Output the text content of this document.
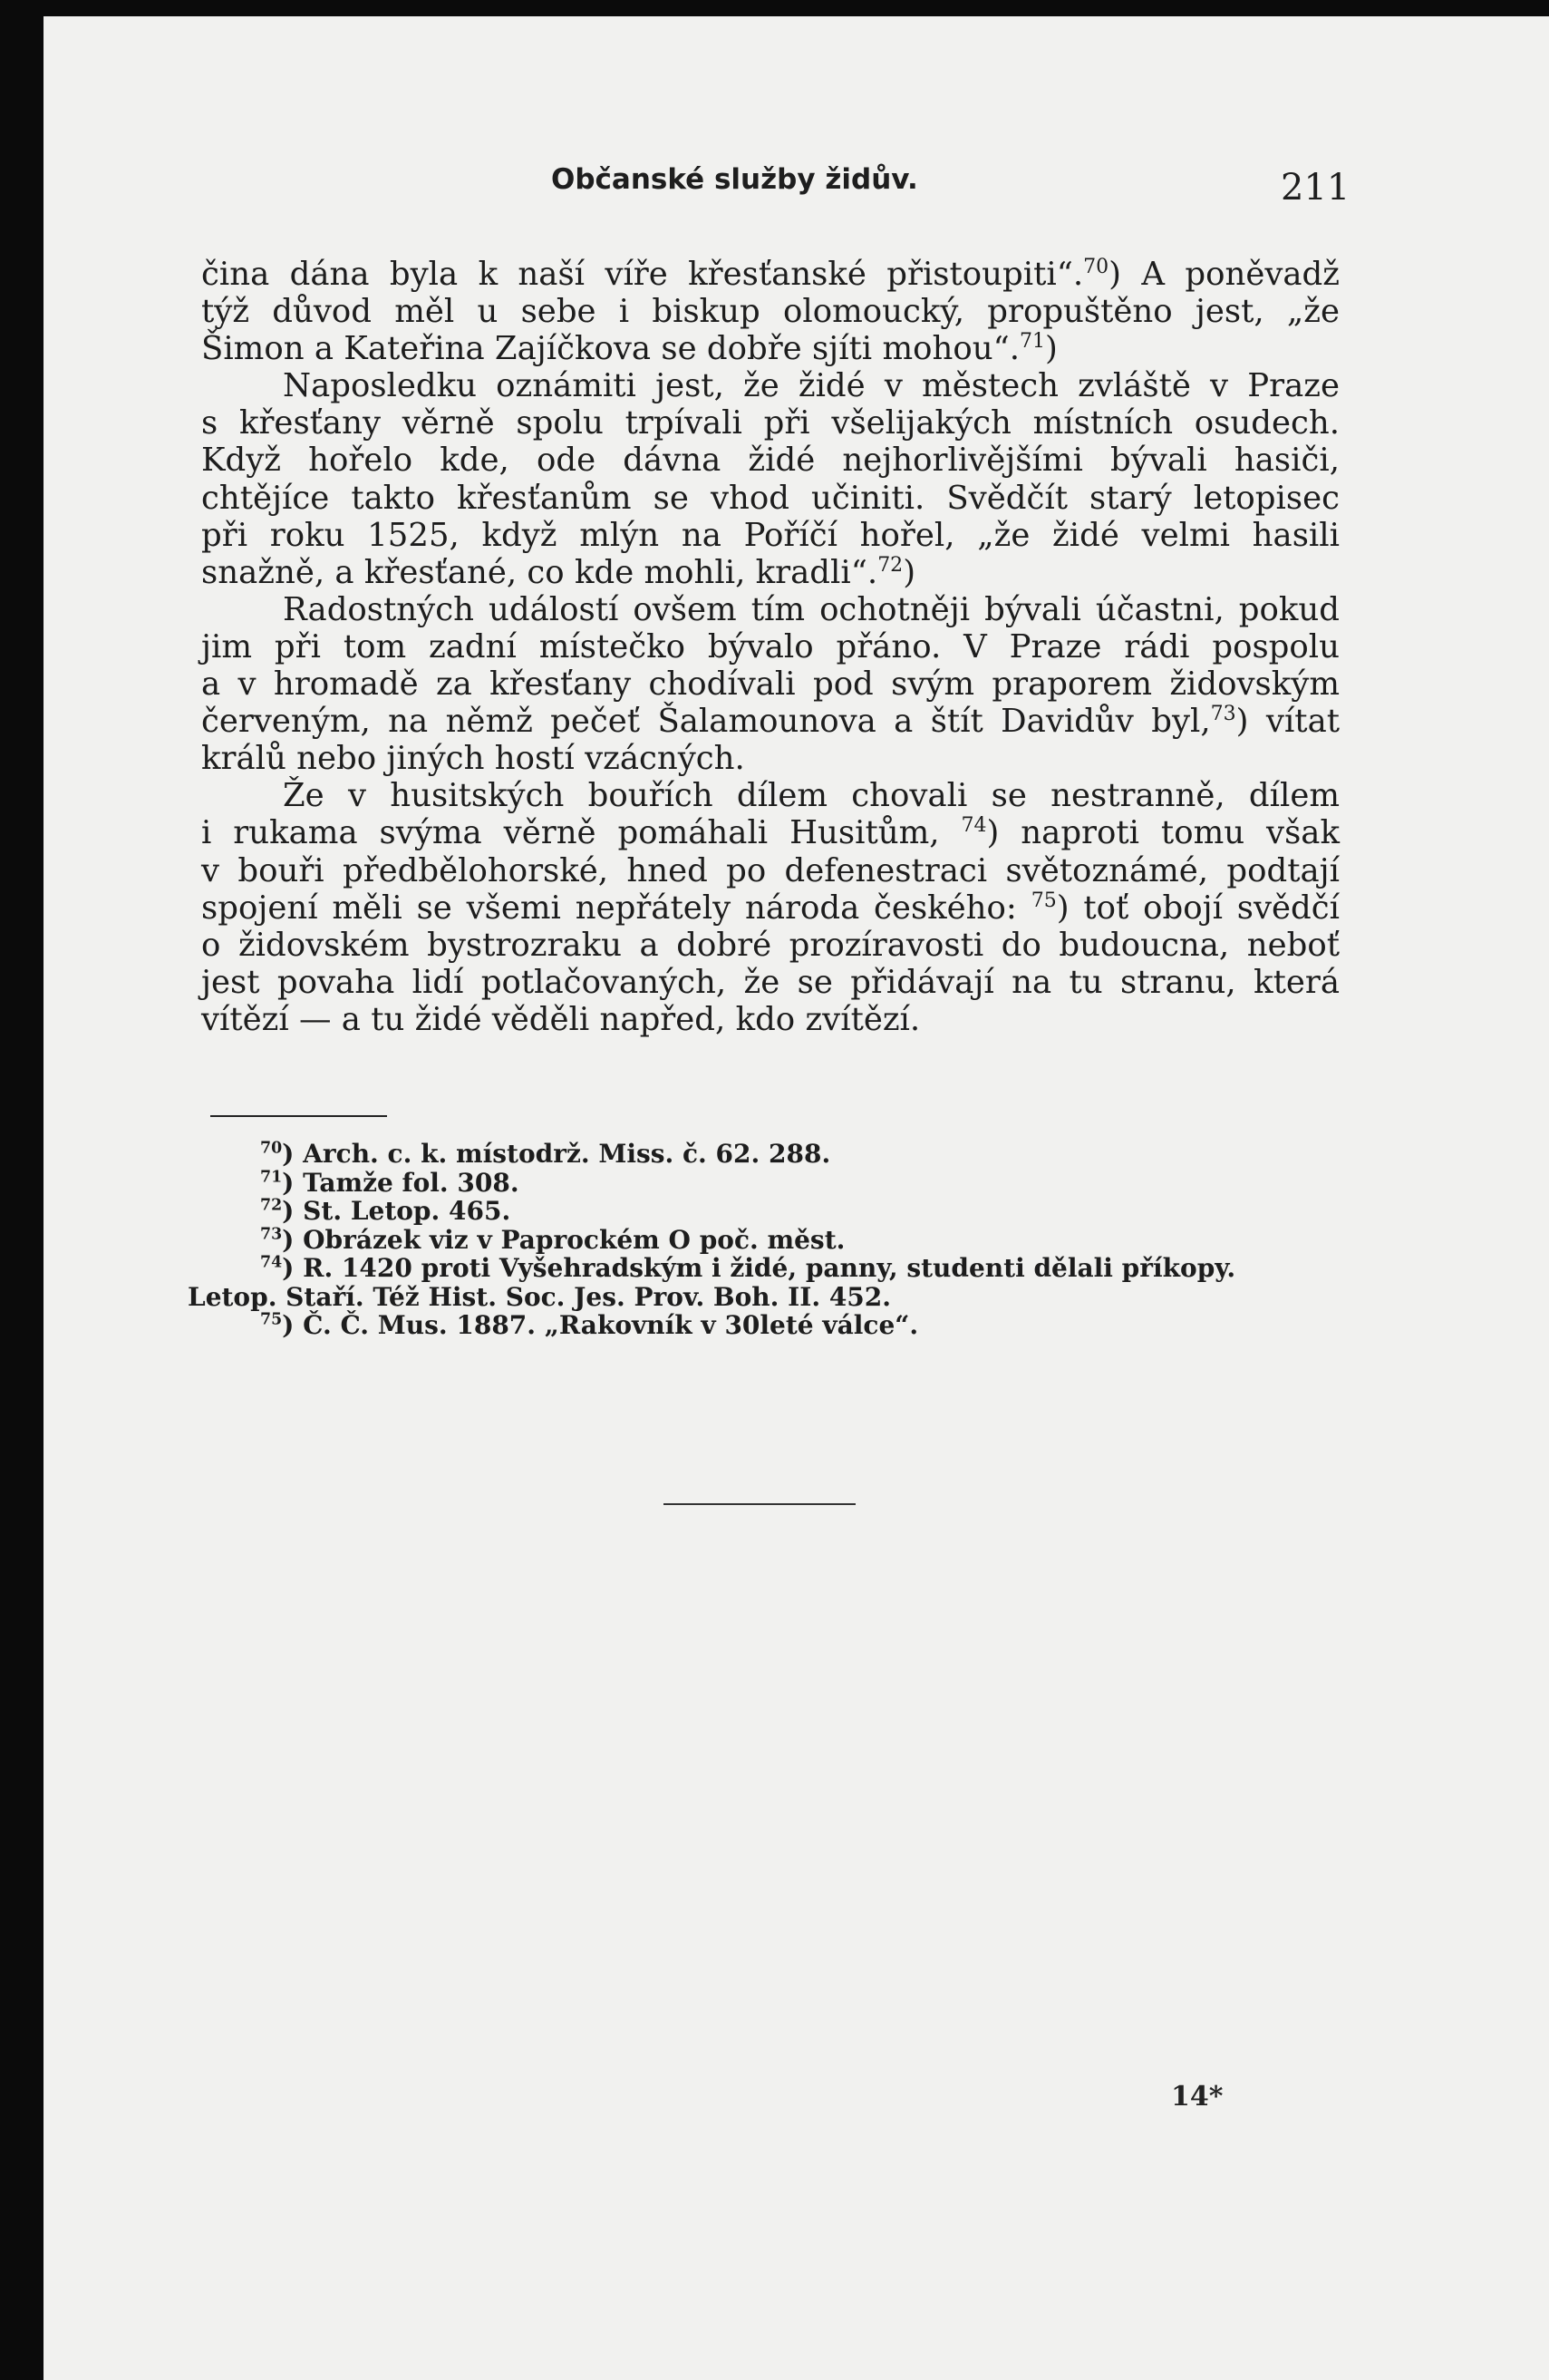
Občanské služby židův.	211
čina dána byla k naší víře křesťanské přistoupiti“.$^{70}$) A poněvadž
týž důvod měl u sebe i biskup olomoucký, propuštěno jest, „že
Šimon a Kateřina Zajíčkova se dobře sjíti mohou“.$^{71}$)
Naposledku oznámiti jest, že židé v městech zvláště v Praze
s křesťany věrně spolu trpívali při všelijakých místních osudech.
Když hořelo kde, ode dávna židé nejhorlivějšími bývali hasiči,
chtějíce takto křesťanům se vhod učiniti. Svědčít starý letopisec
při roku 1525, když mlýn na Poříčí hořel, „že židé velmi hasili
snažně, a křesťané, co kde mohli, kradli“.$^{72}$)
Radostných událostí ovšem tím ochotněji bývali účastni, pokud
jim při tom zadní místečko bývalo přáno. V Praze rádi pospolu
a v hromadě za křesťany chodívali pod svým praporem židovským
červeným, na němž pečeť Šalamounova a štít Davidův byl,$^{73}$) vítat
králů nebo jiných hostí vzácných.
Že v husitských bouřích dílem chovali se nestranně, dílem
i rukama svýma věrně pomáhali Husitům, $^{74}$) naproti tomu však
v bouři předbělohorské, hned po defenestraci světoznámé, podtají
spojení měli se všemi nepřátely národa českého: $^{75}$) toť obojí svědčí
o židovském bystrozraku a dobré prozíravosti do budoucna, neboť
jest povaha lidí potlačovaných, že se přidávají na tu stranu, která
vítězí — a tu židé věděli napřed, kdo zvítězí.
$^{70}$) Arch. c. k. místodrž. Miss. č. 62. 288.
$^{71}$) Tamže fol. 308.
$^{72}$) St. Letop. 465.
$^{73}$) Obrázek viz v Paprockém O poč. měst.
$^{74}$) R. 1420 proti Vyšehradským i židé, panny, studenti dělali příkopy.
Letop. Staří. Též Hist. Soc. Jes. Prov. Boh. II. 452.
$^{75}$) Č. Č. Mus. 1887. „Rakovník v 30leté válce“.
14*
